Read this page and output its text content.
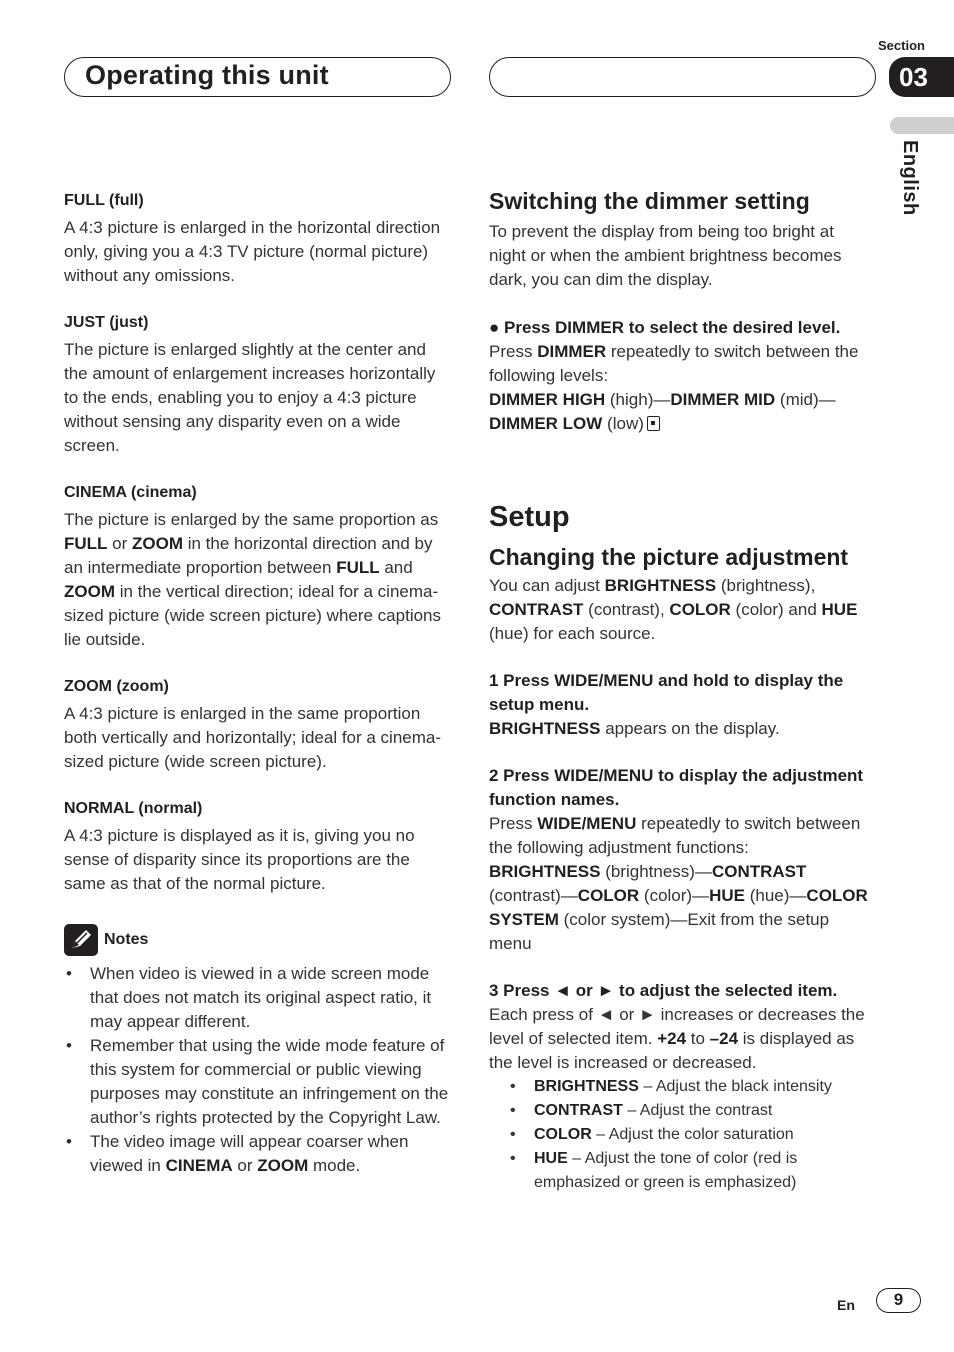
Operating this unit
Section
03
English
FULL (full)
A 4:3 picture is enlarged in the horizontal direction only, giving you a 4:3 TV picture (normal picture) without any omissions.
JUST (just)
The picture is enlarged slightly at the center and the amount of enlargement increases horizontally to the ends, enabling you to enjoy a 4:3 picture without sensing any disparity even on a wide screen.
CINEMA (cinema)
The picture is enlarged by the same proportion as FULL or ZOOM in the horizontal direction and by an intermediate proportion between FULL and ZOOM in the vertical direction; ideal for a cinema-sized picture (wide screen picture) where captions lie outside.
ZOOM (zoom)
A 4:3 picture is enlarged in the same proportion both vertically and horizontally; ideal for a cinema-sized picture (wide screen picture).
NORMAL (normal)
A 4:3 picture is displayed as it is, giving you no sense of disparity since its proportions are the same as that of the normal picture.
Notes
• When video is viewed in a wide screen mode that does not match its original aspect ratio, it may appear different.
• Remember that using the wide mode feature of this system for commercial or public viewing purposes may constitute an infringement on the author’s rights protected by the Copyright Law.
• The video image will appear coarser when viewed in CINEMA or ZOOM mode.
Switching the dimmer setting
To prevent the display from being too bright at night or when the ambient brightness becomes dark, you can dim the display.
● Press DIMMER to select the desired level.
Press DIMMER repeatedly to switch between the following levels:
DIMMER HIGH (high)—DIMMER MID (mid)—DIMMER LOW (low)
Setup
Changing the picture adjustment
You can adjust BRIGHTNESS (brightness), CONTRAST (contrast), COLOR (color) and HUE (hue) for each source.
1 Press WIDE/MENU and hold to display the setup menu.
BRIGHTNESS appears on the display.
2 Press WIDE/MENU to display the adjustment function names.
Press WIDE/MENU repeatedly to switch between the following adjustment functions:
BRIGHTNESS (brightness)—CONTRAST (contrast)—COLOR (color)—HUE (hue)—COLOR SYSTEM (color system)—Exit from the setup menu
3 Press ◄ or ► to adjust the selected item.
Each press of ◄ or ► increases or decreases the level of selected item. +24 to –24 is displayed as the level is increased or decreased.
• BRIGHTNESS – Adjust the black intensity
• CONTRAST – Adjust the contrast
• COLOR – Adjust the color saturation
• HUE – Adjust the tone of color (red is emphasized or green is emphasized)
En	9
